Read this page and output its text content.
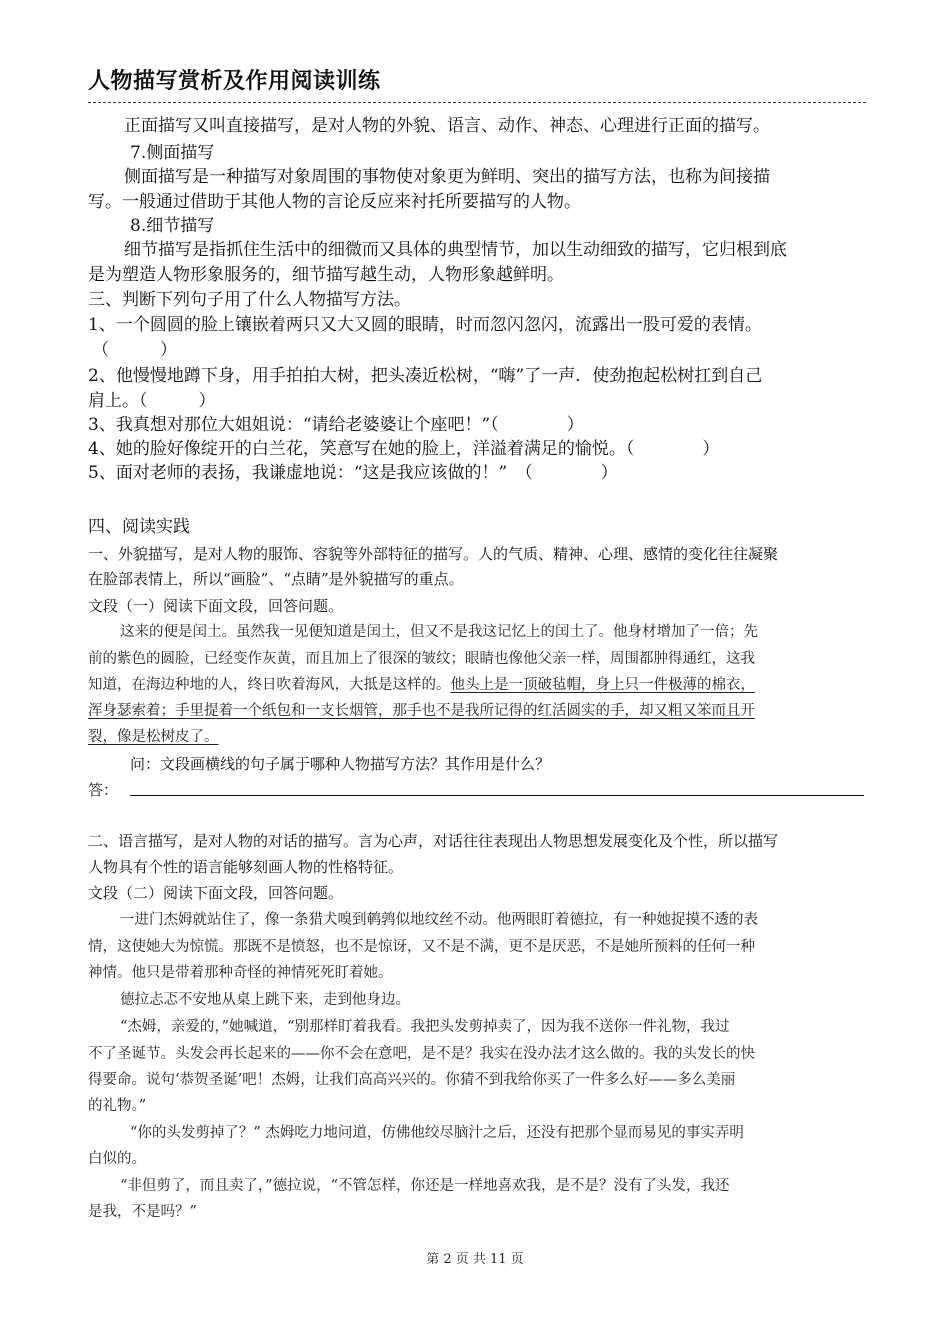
人物描写赏析及作用阅读训练
正面描写又叫直接描写，是对人物的外貌、语言、动作、神态、心理进行正面的描写。
7.侧面描写
侧面描写是一种描写对象周围的事物使对象更为鲜明、突出的描写方法，也称为间接描
写。一般通过借助于其他人物的言论反应来衬托所要描写的人物。
8.细节描写
细节描写是指抓住生活中的细微而又具体的典型情节，加以生动细致的描写，它归根到底
是为塑造人物形象服务的，细节描写越生动，人物形象越鲜明。
三、判断下列句子用了什么人物描写方法。
1、一个圆圆的脸上镶嵌着两只又大又圆的眼睛，时而忽闪忽闪，流露出一股可爱的表情。
（　　　）
2、他慢慢地蹲下身，用手拍拍大树，把头凑近松树，“嗨”了一声．使劲抱起松树扛到自己
肩上。（　　　）
3、我真想对那位大姐姐说：“请给老婆婆让个座吧！”（　　　　）
4、她的脸好像绽开的白兰花，笑意写在她的脸上，洋溢着满足的愉悦。（　　　　）
5、面对老师的表扬，我谦虚地说：“这是我应该做的！”　（　　　　）
四、阅读实践
一、外貌描写，是对人物的服饰、容貌等外部特征的描写。人的气质、精神、心理、感情的变化往往凝聚
在脸部表情上，所以“画脸”、“点睛”是外貌描写的重点。
文段（一）阅读下面文段，回答问题。
这来的便是闰土。虽然我一见便知道是闰土，但又不是我这记忆上的闰土了。他身材增加了一倍；先
前的紫色的圆脸，已经变作灰黄，而且加上了很深的皱纹；眼睛也像他父亲一样，周围都肿得通红，这我
知道，在海边种地的人，终日吹着海风，大抵是这样的。他头上是一顶破毡帽，身上只一件极薄的棉衣，
浑身瑟索着；手里提着一个纸包和一支长烟管，那手也不是我所记得的红活圆实的手，却又粗又笨而且开
裂，像是松树皮了。
问：文段画横线的句子属于哪种人物描写方法？其作用是什么？
答：
二、语言描写，是对人物的对话的描写。言为心声，对话往往表现出人物思想发展变化及个性，所以描写
人物具有个性的语言能够刻画人物的性格特征。
文段（二）阅读下面文段，回答问题。
一进门杰姆就站住了，像一条猎犬嗅到鹌鹑似地纹丝不动。他两眼盯着德拉，有一种她捉摸不透的表
情，这使她大为惊慌。那既不是愤怒，也不是惊讶，又不是不满，更不是厌恶，不是她所预料的任何一种
神情。他只是带着那种奇怪的神情死死盯着她。
德拉忐忑不安地从桌上跳下来，走到他身边。
“杰姆，亲爱的，”她喊道，“别那样盯着我看。我把头发剪掉卖了，因为我不送你一件礼物，我过
不了圣诞节。头发会再长起来的——你不会在意吧，是不是？我实在没办法才这么做的。我的头发长的快
得要命。说句‘恭贺圣诞’吧！杰姆，让我们高高兴兴的。你猜不到我给你买了一件多么好——多么美丽
的礼物。”
“你的头发剪掉了？” 杰姆吃力地问道，仿佛他绞尽脑汁之后，还没有把那个显而易见的事实弄明
白似的。
“非但剪了，而且卖了，”德拉说，“不管怎样，你还是一样地喜欢我，是不是？没有了头发，我还
是我，不是吗？”
第 2 页 共 11 页
